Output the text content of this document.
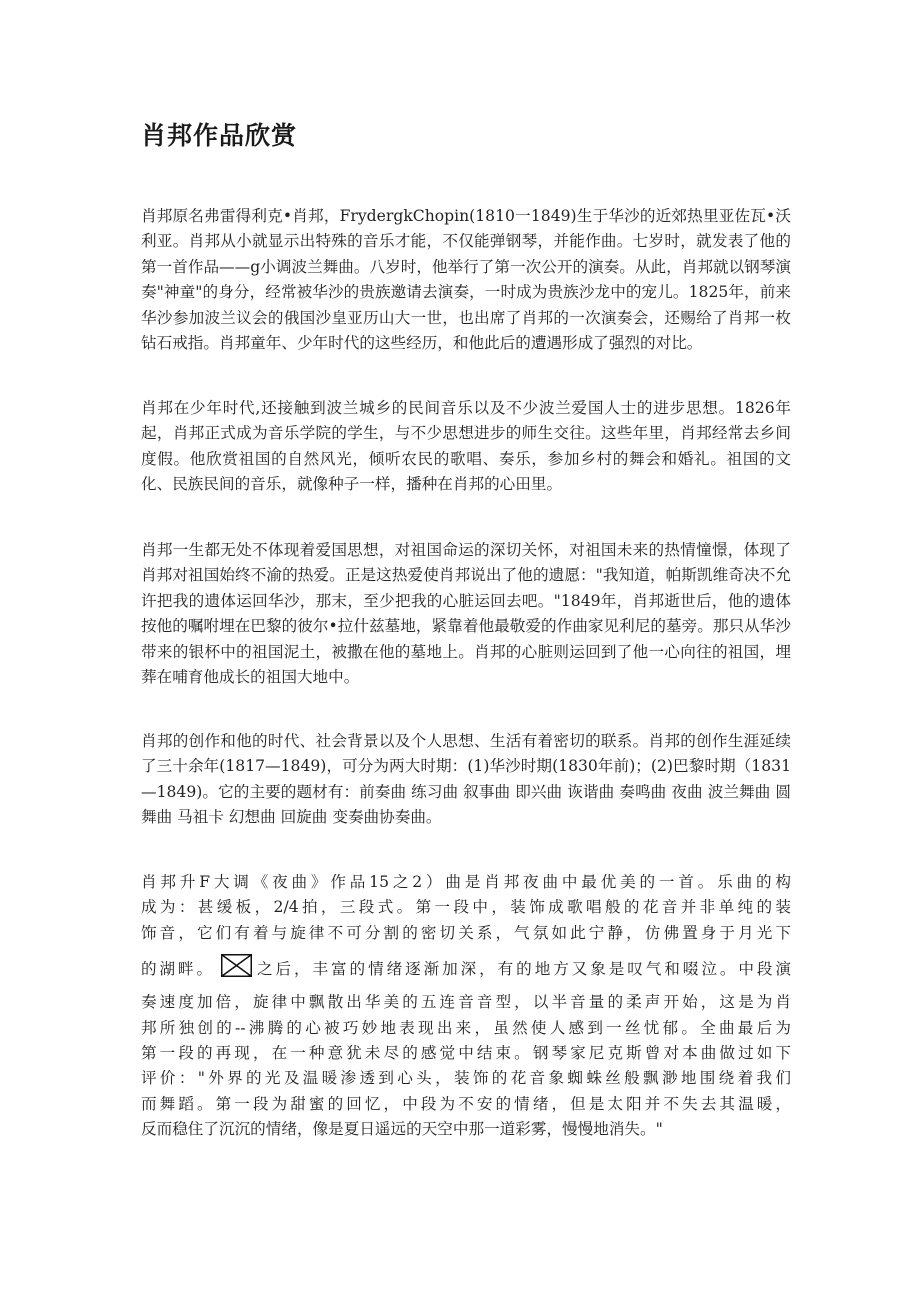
肖邦作品欣赏

肖邦原名弗雷得利克•肖邦，FrydergkChopin(1810一1849)生于华沙的近郊热里亚佐瓦•沃利亚。肖邦从小就显示出特殊的音乐才能，不仅能弹钢琴，并能作曲。七岁时，就发表了他的第一首作品——g小调波兰舞曲。八岁时，他举行了第一次公开的演奏。从此，肖邦就以钢琴演奏"神童"的身分，经常被华沙的贵族邀请去演奏，一时成为贵族沙龙中的宠儿。1825年，前来华沙参加波兰议会的俄国沙皇亚历山大一世，也出席了肖邦的一次演奏会，还赐给了肖邦一枚钻石戒指。肖邦童年、少年时代的这些经历，和他此后的遭遇形成了强烈的对比。

肖邦在少年时代,还接触到波兰城乡的民间音乐以及不少波兰爱国人士的进步思想。1826年起，肖邦正式成为音乐学院的学生，与不少思想进步的师生交往。这些年里，肖邦经常去乡间度假。他欣赏祖国的自然风光，倾听农民的歌唱、奏乐，参加乡村的舞会和婚礼。祖国的文化、民族民间的音乐，就像种子一样，播种在肖邦的心田里。

肖邦一生都无处不体现着爱国思想，对祖国命运的深切关怀，对祖国未来的热情憧憬，体现了肖邦对祖国始终不渝的热爱。正是这热爱使肖邦说出了他的遗愿："我知道，帕斯凯维奇决不允许把我的遗体运回华沙，那末，至少把我的心脏运回去吧。"1849年，肖邦逝世后，他的遗体按他的嘱咐埋在巴黎的彼尔•拉什兹墓地，紧靠着他最敬爱的作曲家见利尼的墓旁。那只从华沙带来的银杯中的祖国泥土，被撒在他的墓地上。肖邦的心脏则运回到了他一心向往的祖国，埋葬在哺育他成长的祖国大地中。

肖邦的创作和他的时代、社会背景以及个人思想、生活有着密切的联系。肖邦的创作生涯延续了三十余年(1817—1849)，可分为两大时期：(1)华沙时期(1830年前)；(2)巴黎时期（1831 —1849)。它的主要的题材有：前奏曲 练习曲 叙事曲 即兴曲 诙谐曲 奏鸣曲 夜曲 波兰舞曲 圆舞曲 马祖卡 幻想曲 回旋曲 变奏曲协奏曲。

肖邦升F大调《夜曲》作品15之2）曲是肖邦夜曲中最优美的一首。乐曲的构
成为：甚缓板，2/4拍，三段式。第一段中，装饰成歌唱般的花音并非单纯的装
饰音，它们有着与旋律不可分割的密切关系，气氛如此宁静，仿佛置身于月光下
的湖畔。	之后，丰富的情绪逐渐加深，有的地方又象是叹气和啜泣。中段演
奏速度加倍，旋律中飘散出华美的五连音音型，以半音量的柔声开始，这是为肖
邦所独创的--沸腾的心被巧妙地表现出来，虽然使人感到一丝忧郁。全曲最后为
第一段的再现，在一种意犹未尽的感觉中结束。钢琴家尼克斯曾对本曲做过如下
评价："外界的光及温暖渗透到心头，装饰的花音象蜘蛛丝般飘渺地围绕着我们
而舞蹈。第一段为甜蜜的回忆，中段为不安的情绪，但是太阳并不失去其温暖，
反而稳住了沉沉的情绪，像是夏日遥远的天空中那一道彩雾，慢慢地消失。"
